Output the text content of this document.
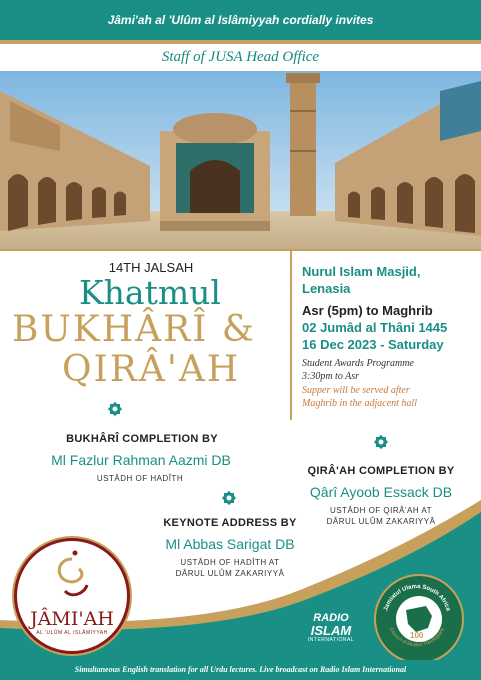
Jâmi'ah al 'Ulûm al Islâmiyyah cordially invites
Staff of JUSA Head Office
14TH JALSAH
Khatmul
BUKHÂRÎ &
QIRÂ'AH
Nurul Islam Masjid,
Lenasia
Asr (5pm) to Maghrib
02 Jumâd al Thâni 1445
16 Dec 2023 - Saturday
Student Awards Programme
3:30pm to Asr
Supper will be served after
Maghrib in the adjacent hall
BUKHÂRÎ COMPLETION BY
Ml Fazlur Rahman Aazmi DB
USTÂDH OF HADÎTH
QIRÂ'AH COMPLETION BY
Qârî Ayoob Essack DB
USTÂDH OF QIRÂ'AH AT
DÂRUL ULÛM ZAKARIYYÂ
KEYNOTE ADDRESS BY
Ml Abbas Sarigat DB
USTÂDH OF HADÎTH AT
DÂRUL ULÛM ZAKARIYYÂ
JÂMI'AH
AL 'ULÛM AL ISLÂMIYYAH
RADIO
ISLAM
INTERNATIONAL
Jamiatul Ulama South Africa
Council of Muslim Theologians
100
Simultaneous English translation for all Urdu lectures. Live broadcast on Radio Islam International
